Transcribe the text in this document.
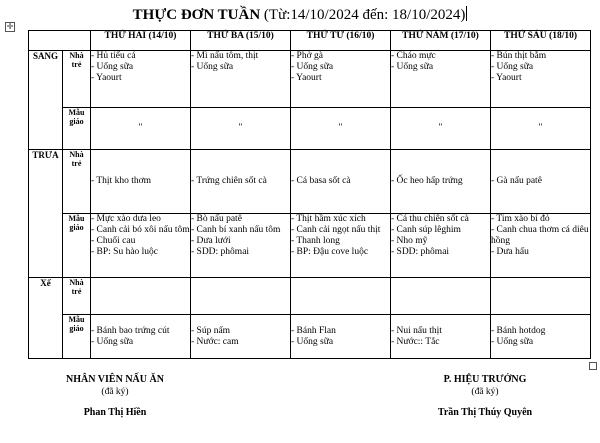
THỰC ĐƠN TUẦN (Từ:14/10/2024 đến: 18/10/2024)
✛
		THỨ HAI (14/10)	THỨ BA (15/10)	THỨ TƯ (16/10)	THỨ NĂM (17/10)	THỨ SÁU (18/10)
SANG	Nhà
trẻ	- Hủ tiếu cá
- Uống sữa
- Yaourt	- Mì nấu tôm, thịt
- Uống sữa	- Phở gà
- Uống sữa
- Yaourt	- Cháo mực
- Uống sữa	- Bún thịt bằm
- Uống sữa
- Yaourt

	Mẫu
giáo	"	"	"	"	"
TRƯA	Nhà
trẻ	- Thịt kho thơm	- Trứng chiên sốt cà	- Cá basa sốt cà	- Ốc heo hấp trứng	- Gà nấu patê

	Mẫu
giáo	- Mực xào dưa leo
- Canh cải bó xôi nấu tôm
- Chuối cau
- BP: Su hào luộc	- Bò nấu patê
- Canh bí xanh nấu tôm
- Dưa lưới
- SDD: phômai	- Thịt hầm xúc xích
- Canh cải ngọt nấu thịt
- Thanh long
- BP: Đậu cove luộc	- Cá thu chiên sốt cà
- Canh súp lêghim
- Nho mỹ
- SDD: phômai	- Tim xào bí đỏ
- Canh chua thơm cá diêu hồng
- Dưa hấu

Xế	Nhà
trẻ					
	Mẫu
giáo	- Bánh bao trứng cút
- Uống sữa	- Súp nấm
- Nước: cam	- Bánh Flan
- Uống sữa	- Nui nấu thịt
- Nước:: Tắc	- Bánh hotdog
- Uống sữa
NHÂN VIÊN NẤU ĂN
(đã ký)
Phan Thị Hiền
P. HIỆU TRƯỞNG
(đã ký)
Trần Thị Thúy Quyên
